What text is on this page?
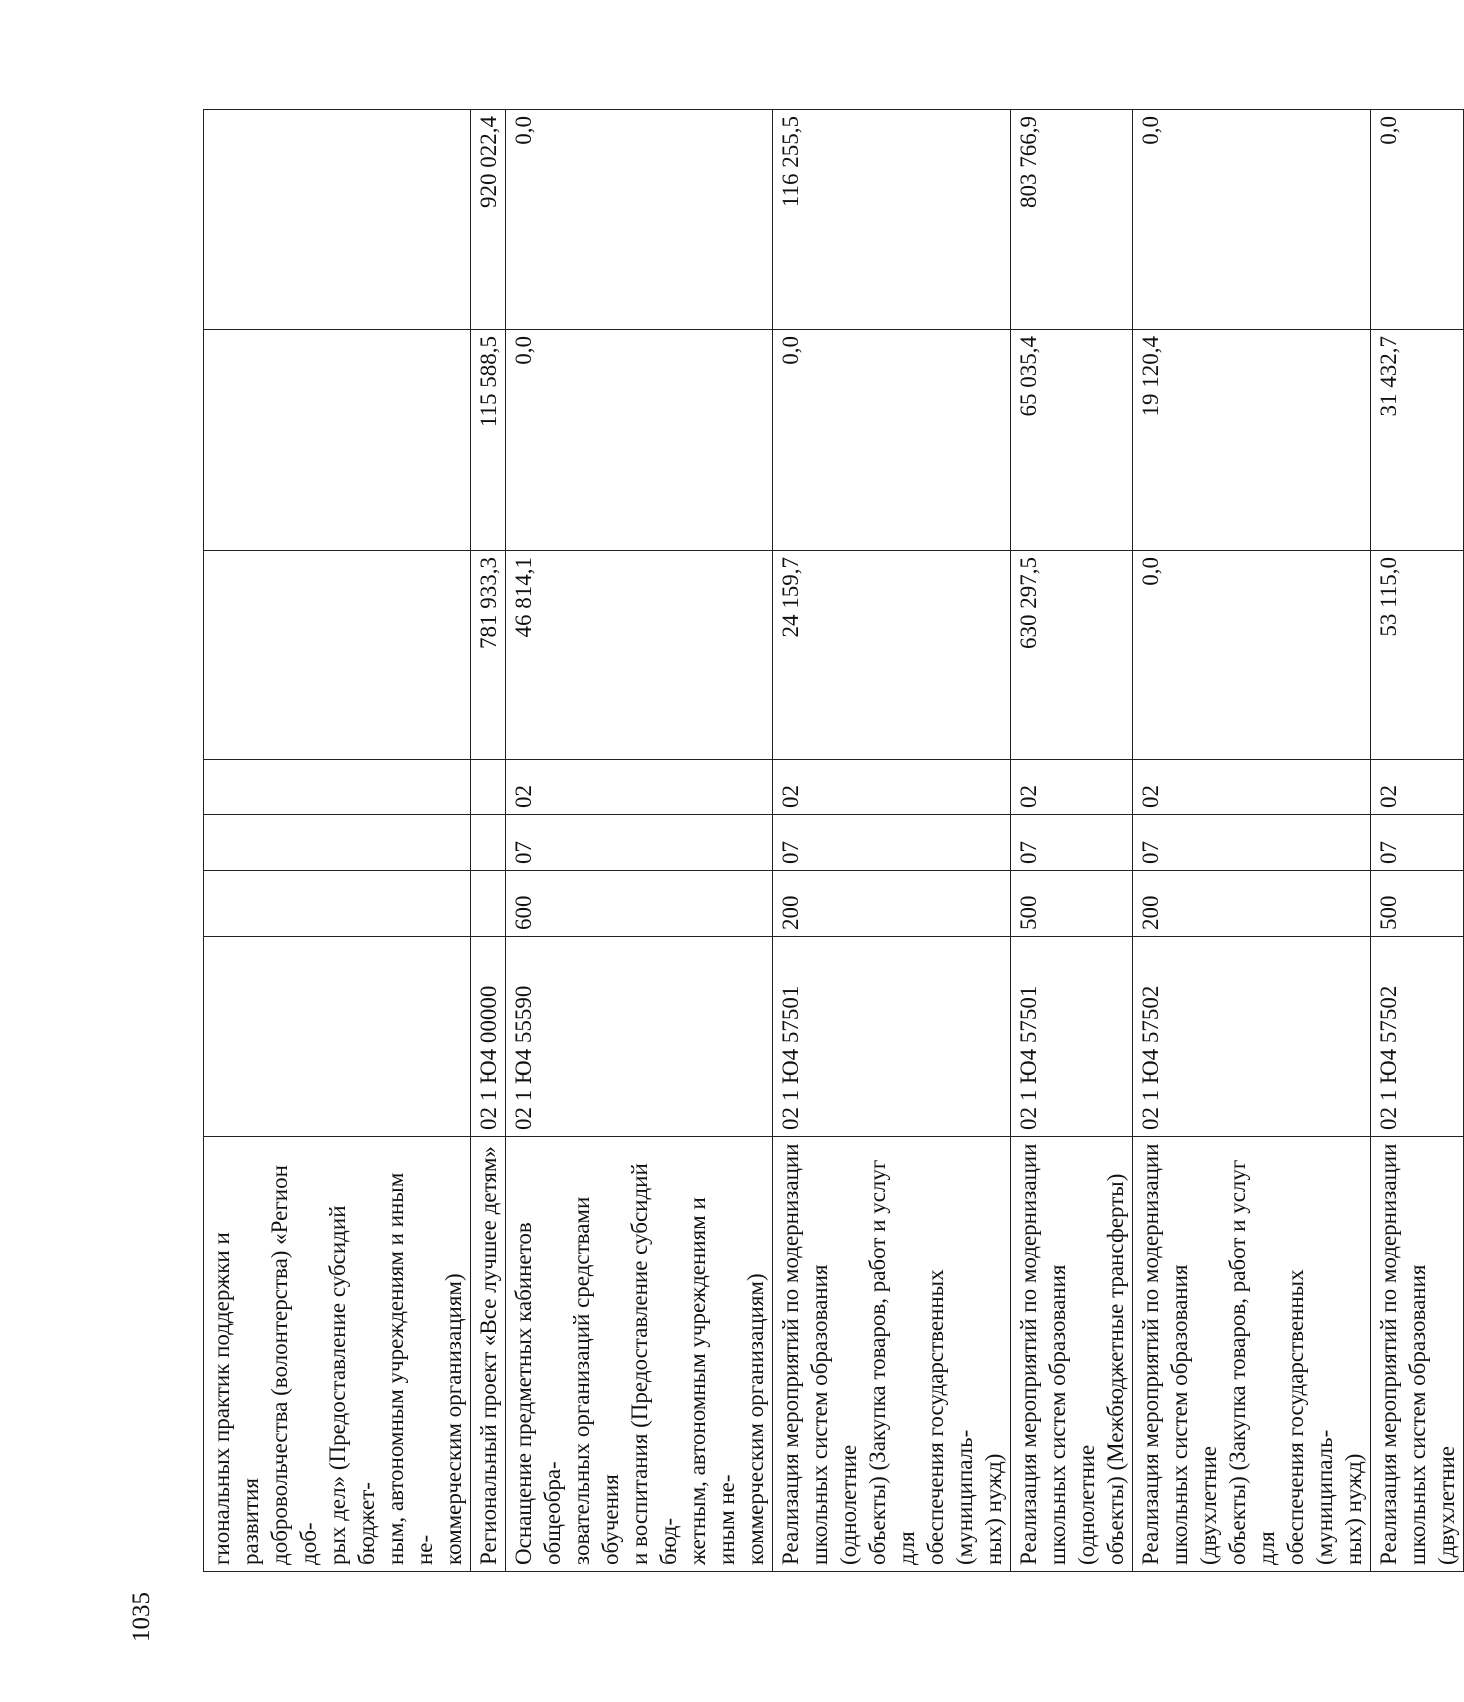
1035
гиональных практик поддержки и развития добровольчества (волонтерства) «Регион доб- рых дел» (Предоставление субсидий бюджет- ным, автономным учреждениям и иным не- коммерческим организациям)							

Региональный проект «Все лучшее детям»	02 1 Ю4 00000				781 933,3	115 588,5	920 022,4

Оснащение предметных кабинетов общеобра- зовательных организаций средствами обучения и воспитания (Предоставление субсидий бюд- жетным, автономным учреждениям и иным не- коммерческим организациям)	02 1 Ю4 55590	600	07	02	46 814,1	0,0	0,0

Реализация мероприятий по модернизации школьных систем образования (однолетние объекты) (Закупка товаров, работ и услуг для обеспечения государственных (муниципаль- ных) нужд)	02 1 Ю4 57501	200	07	02	24 159,7	0,0	116 255,5

Реализация мероприятий по модернизации школьных систем образования (однолетние объекты) (Межбюджетные трансферты)	02 1 Ю4 57501	500	07	02	630 297,5	65 035,4	803 766,9

Реализация мероприятий по модернизации школьных систем образования (двухлетние объекты) (Закупка товаров, работ и услуг для обеспечения государственных (муниципаль- ных) нужд)	02 1 Ю4 57502	200	07	02	0,0	19 120,4	0,0

Реализация мероприятий по модернизации школьных систем образования (двухлетние	02 1 Ю4 57502	500	07	02	53 115,0	31 432,7	0,0
